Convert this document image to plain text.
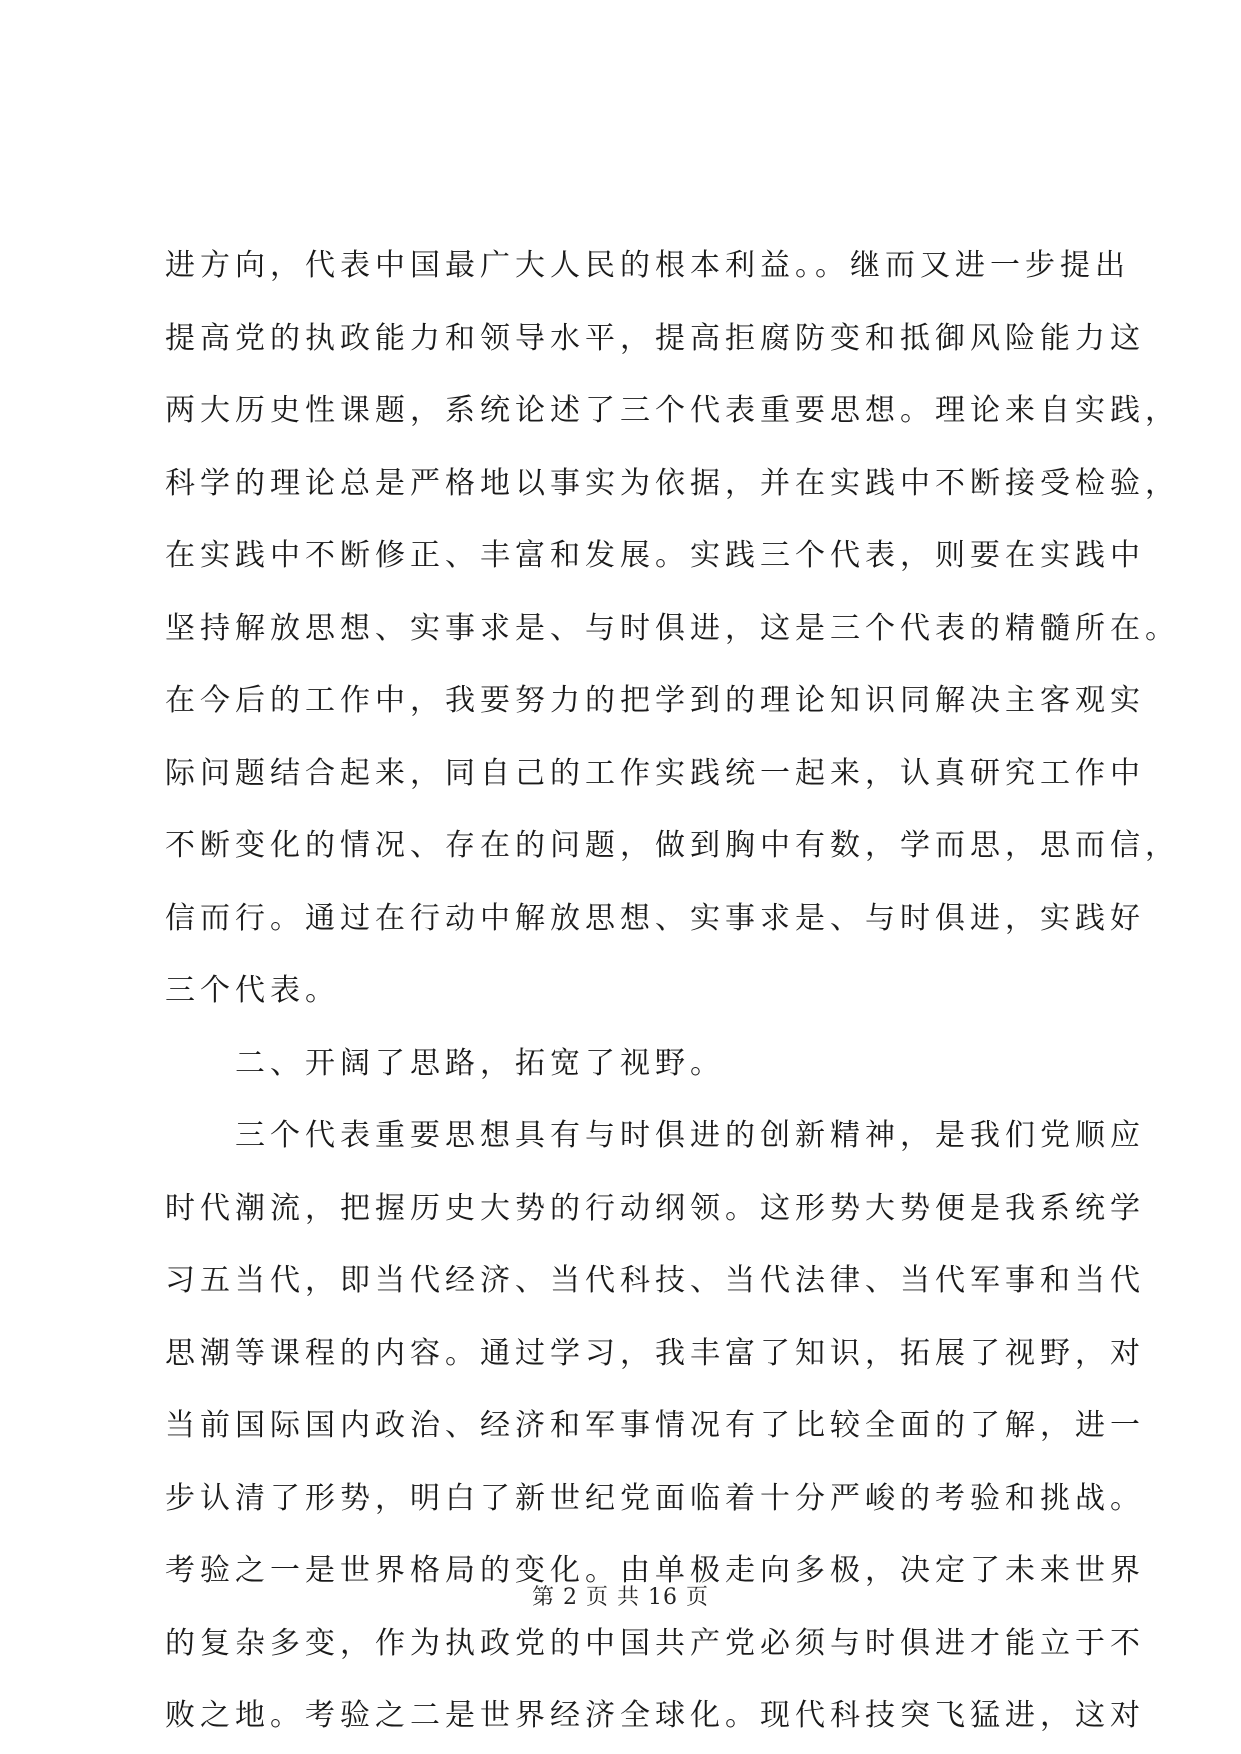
进方向，代表中国最广大人民的根本利益。。继而又进一步提出
提高党的执政能力和领导水平，提高拒腐防变和抵御风险能力这
两大历史性课题，系统论述了三个代表重要思想。理论来自实践，
科学的理论总是严格地以事实为依据，并在实践中不断接受检验，
在实践中不断修正、丰富和发展。实践三个代表，则要在实践中
坚持解放思想、实事求是、与时俱进，这是三个代表的精髓所在。
在今后的工作中，我要努力的把学到的理论知识同解决主客观实
际问题结合起来，同自己的工作实践统一起来，认真研究工作中
不断变化的情况、存在的问题，做到胸中有数，学而思，思而信，
信而行。通过在行动中解放思想、实事求是、与时俱进，实践好
三个代表。
　　二、开阔了思路，拓宽了视野。
　　三个代表重要思想具有与时俱进的创新精神，是我们党顺应
时代潮流，把握历史大势的行动纲领。这形势大势便是我系统学
习五当代，即当代经济、当代科技、当代法律、当代军事和当代
思潮等课程的内容。通过学习，我丰富了知识，拓展了视野，对
当前国际国内政治、经济和军事情况有了比较全面的了解，进一
步认清了形势，明白了新世纪党面临着十分严峻的考验和挑战。
考验之一是世界格局的变化。由单极走向多极，决定了未来世界
的复杂多变，作为执政党的中国共产党必须与时俱进才能立于不
败之地。考验之二是世界经济全球化。现代科技突飞猛进，这对
第 2 页 共 16 页
